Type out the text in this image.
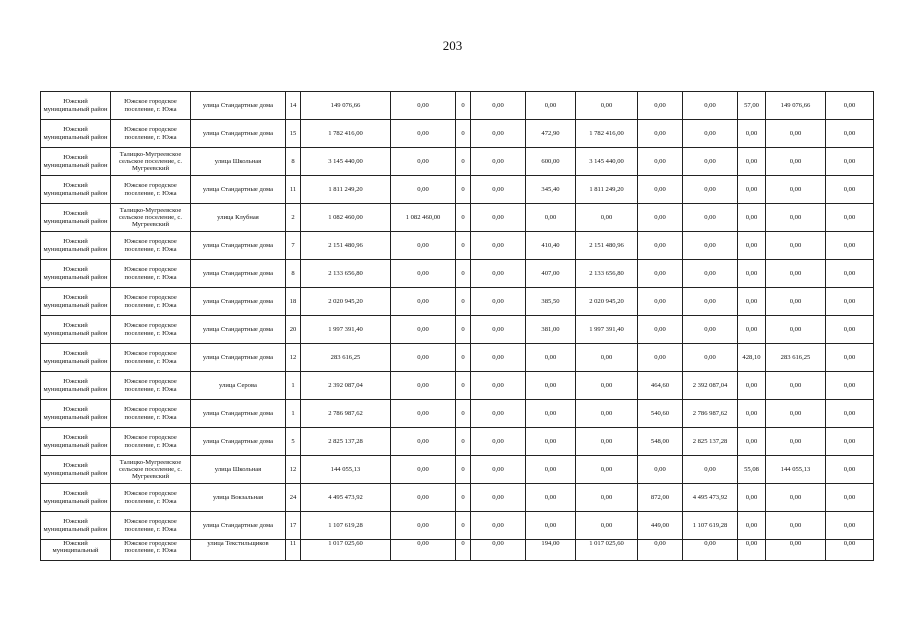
203
Южский муниципальный район	Южское городское поселение, г. Южа	улица Стандартные дома	14	149 076,66	0,00	0	0,00	0,00	0,00	0,00	0,00	57,00	149 076,66	0,00
Южский муниципальный район	Южское городское поселение, г. Южа	улица Стандартные дома	15	1 782 416,00	0,00	0	0,00	472,90	1 782 416,00	0,00	0,00	0,00	0,00	0,00
Южский муниципальный район	Талицко-Мугреевское сельское поселение, с. Мугреевский	улица Школьная	8	3 145 440,00	0,00	0	0,00	600,00	3 145 440,00	0,00	0,00	0,00	0,00	0,00
Южский муниципальный район	Южское городское поселение, г. Южа	улица Стандартные дома	11	1 811 249,20	0,00	0	0,00	345,40	1 811 249,20	0,00	0,00	0,00	0,00	0,00
Южский муниципальный район	Талицко-Мугреевское сельское поселение, с. Мугреевский	улица Клубная	2	1 082 460,00	1 082 460,00	0	0,00	0,00	0,00	0,00	0,00	0,00	0,00	0,00
Южский муниципальный район	Южское городское поселение, г. Южа	улица Стандартные дома	7	2 151 480,96	0,00	0	0,00	410,40	2 151 480,96	0,00	0,00	0,00	0,00	0,00
Южский муниципальный район	Южское городское поселение, г. Южа	улица Стандартные дома	8	2 133 656,80	0,00	0	0,00	407,00	2 133 656,80	0,00	0,00	0,00	0,00	0,00
Южский муниципальный район	Южское городское поселение, г. Южа	улица Стандартные дома	18	2 020 945,20	0,00	0	0,00	385,50	2 020 945,20	0,00	0,00	0,00	0,00	0,00
Южский муниципальный район	Южское городское поселение, г. Южа	улица Стандартные дома	20	1 997 391,40	0,00	0	0,00	381,00	1 997 391,40	0,00	0,00	0,00	0,00	0,00
Южский муниципальный район	Южское городское поселение, г. Южа	улица Стандартные дома	12	283 616,25	0,00	0	0,00	0,00	0,00	0,00	0,00	428,10	283 616,25	0,00
Южский муниципальный район	Южское городское поселение, г. Южа	улица Серова	1	2 392 087,04	0,00	0	0,00	0,00	0,00	464,60	2 392 087,04	0,00	0,00	0,00
Южский муниципальный район	Южское городское поселение, г. Южа	улица Стандартные дома	1	2 786 987,62	0,00	0	0,00	0,00	0,00	540,60	2 786 987,62	0,00	0,00	0,00
Южский муниципальный район	Южское городское поселение, г. Южа	улица Стандартные дома	5	2 825 137,28	0,00	0	0,00	0,00	0,00	548,00	2 825 137,28	0,00	0,00	0,00
Южский муниципальный район	Талицко-Мугреевское сельское поселение, с. Мугреевский	улица Школьная	12	144 055,13	0,00	0	0,00	0,00	0,00	0,00	0,00	55,08	144 055,13	0,00
Южский муниципальный район	Южское городское поселение, г. Южа	улица Вокзальная	24	4 495 473,92	0,00	0	0,00	0,00	0,00	872,00	4 495 473,92	0,00	0,00	0,00
Южский муниципальный район	Южское городское поселение, г. Южа	улица Стандартные дома	17	1 107 619,28	0,00	0	0,00	0,00	0,00	449,00	1 107 619,28	0,00	0,00	0,00
Южский муниципальный	Южское городское поселение, г. Южа	улица Текстильщиков	11	1 017 025,60	0,00	0	0,00	194,00	1 017 025,60	0,00	0,00	0,00	0,00	0,00
